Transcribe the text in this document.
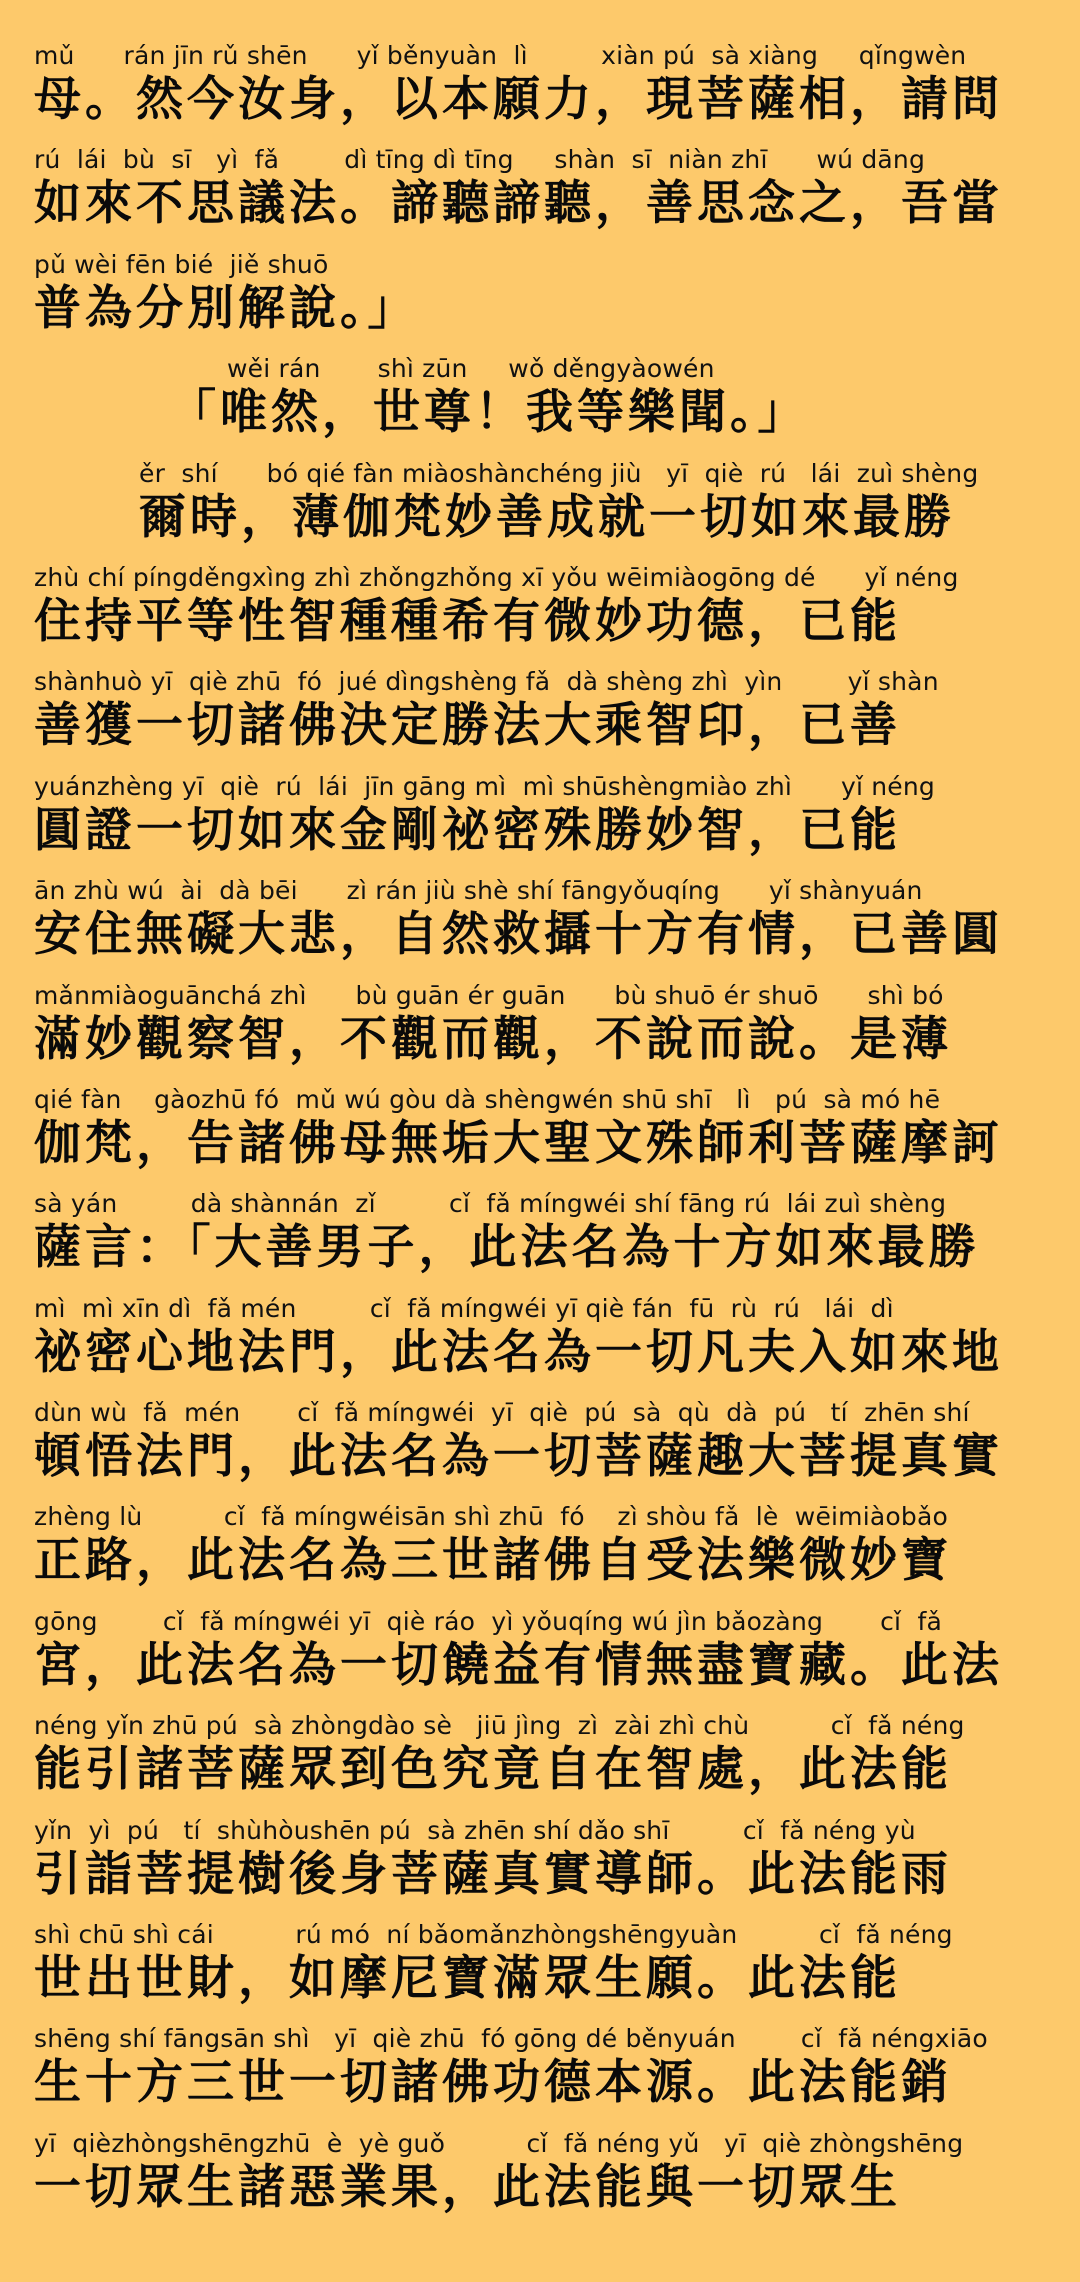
mǔ      rán jīn rǔ shēn      yǐ běnyuàn  lì         xiàn pú  sà xiàng     qǐngwèn
母。然今汝身，以本願力，現菩薩相，請問
rú  lái  bù  sī   yì  fǎ        dì tīng dì tīng     shàn  sī  niàn zhī      wú dāng
如來不思議法。諦聽諦聽，善思念之，吾當
pǔ wèi fēn bié  jiě shuō
普為分別解說。」
wěi rán       shì zūn     wǒ děngyàowén
「唯然，世尊！我等樂聞。」
ěr  shí      bó qié fàn miàoshànchéng jiù   yī  qiè  rú   lái  zuì shèng
爾時，薄伽梵妙善成就一切如來最勝
zhù chí píngděngxìng zhì zhǒngzhǒng xī yǒu wēimiàogōng dé      yǐ néng
住持平等性智種種希有微妙功德，已能
shànhuò yī  qiè zhū  fó  jué dìngshèng fǎ  dà shèng zhì  yìn        yǐ shàn
善獲一切諸佛決定勝法大乘智印，已善
yuánzhèng yī  qiè  rú  lái  jīn gāng mì  mì shūshèngmiào zhì      yǐ néng
圓證一切如來金剛祕密殊勝妙智，已能
ān zhù wú  ài  dà bēi      zì rán jiù shè shí fāngyǒuqíng      yǐ shànyuán
安住無礙大悲，自然救攝十方有情，已善圓
mǎnmiàoguānchá zhì      bù guān ér guān      bù shuō ér shuō      shì bó
滿妙觀察智，不觀而觀，不說而說。是薄
qié fàn    gàozhū fó  mǔ wú gòu dà shèngwén shū shī   lì   pú  sà mó hē
伽梵，告諸佛母無垢大聖文殊師利菩薩摩訶
sà yán         dà shànnán  zǐ         cǐ  fǎ míngwéi shí fāng rú  lái zuì shèng
薩言：「大善男子，此法名為十方如來最勝
mì  mì xīn dì  fǎ mén         cǐ  fǎ míngwéi yī qiè fán  fū  rù  rú   lái  dì
祕密心地法門，此法名為一切凡夫入如來地
dùn wù  fǎ  mén       cǐ  fǎ míngwéi  yī  qiè  pú  sà  qù  dà  pú   tí  zhēn shí
頓悟法門，此法名為一切菩薩趣大菩提真實
zhèng lù          cǐ  fǎ míngwéisān shì zhū  fó    zì shòu fǎ  lè  wēimiàobǎo
正路，此法名為三世諸佛自受法樂微妙寶
gōng        cǐ  fǎ míngwéi yī  qiè ráo  yì yǒuqíng wú jìn bǎozàng       cǐ  fǎ
宮，此法名為一切饒益有情無盡寶藏。此法
néng yǐn zhū pú  sà zhòngdào sè   jiū jìng  zì  zài zhì chù          cǐ  fǎ néng
能引諸菩薩眾到色究竟自在智處，此法能
yǐn  yì  pú   tí  shùhòushēn pú  sà zhēn shí dǎo shī         cǐ  fǎ néng yù
引詣菩提樹後身菩薩真實導師。此法能雨
shì chū shì cái          rú mó  ní bǎomǎnzhòngshēngyuàn          cǐ  fǎ néng
世出世財，如摩尼寶滿眾生願。此法能
shēng shí fāngsān shì   yī  qiè zhū  fó gōng dé běnyuán        cǐ  fǎ néngxiāo
生十方三世一切諸佛功德本源。此法能銷
yī  qièzhòngshēngzhū  è  yè guǒ          cǐ  fǎ néng yǔ   yī  qiè zhòngshēng
一切眾生諸惡業果，此法能與一切眾生
